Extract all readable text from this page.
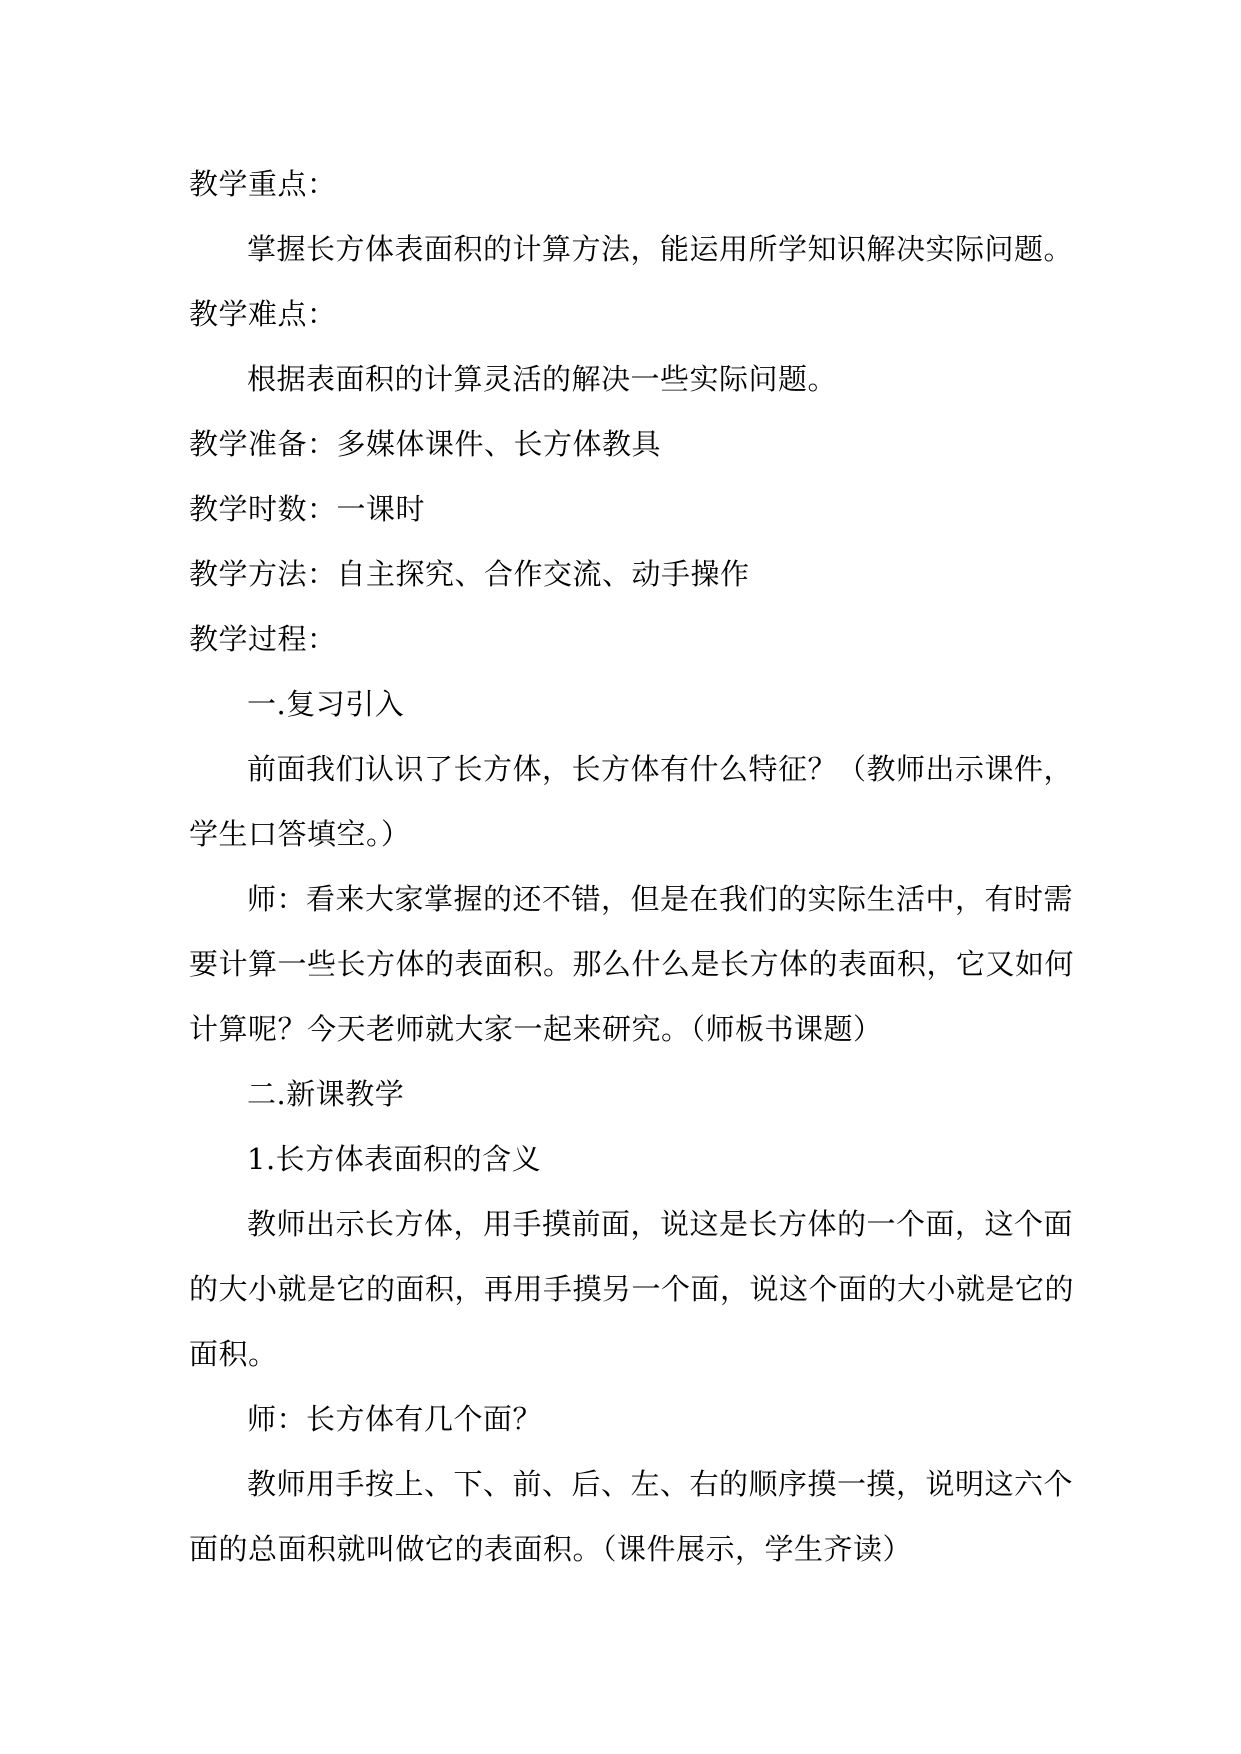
教学重点：
掌握长方体表面积的计算方法，能运用所学知识解决实际问题。
教学难点：
根据表面积的计算灵活的解决一些实际问题。
教学准备：多媒体课件、长方体教具
教学时数：一课时
教学方法：自主探究、合作交流、动手操作
教学过程：
一.复习引入
前面我们认识了长方体，长方体有什么特征？（教师出示课件，
学生口答填空。）
师：看来大家掌握的还不错，但是在我们的实际生活中，有时需
要计算一些长方体的表面积。那么什么是长方体的表面积，它又如何
计算呢？今天老师就大家一起来研究。（师板书课题）
二.新课教学
1.长方体表面积的含义
教师出示长方体，用手摸前面，说这是长方体的一个面，这个面
的大小就是它的面积，再用手摸另一个面，说这个面的大小就是它的
面积。
师：长方体有几个面？
教师用手按上、下、前、后、左、右的顺序摸一摸，说明这六个
面的总面积就叫做它的表面积。（课件展示，学生齐读）
